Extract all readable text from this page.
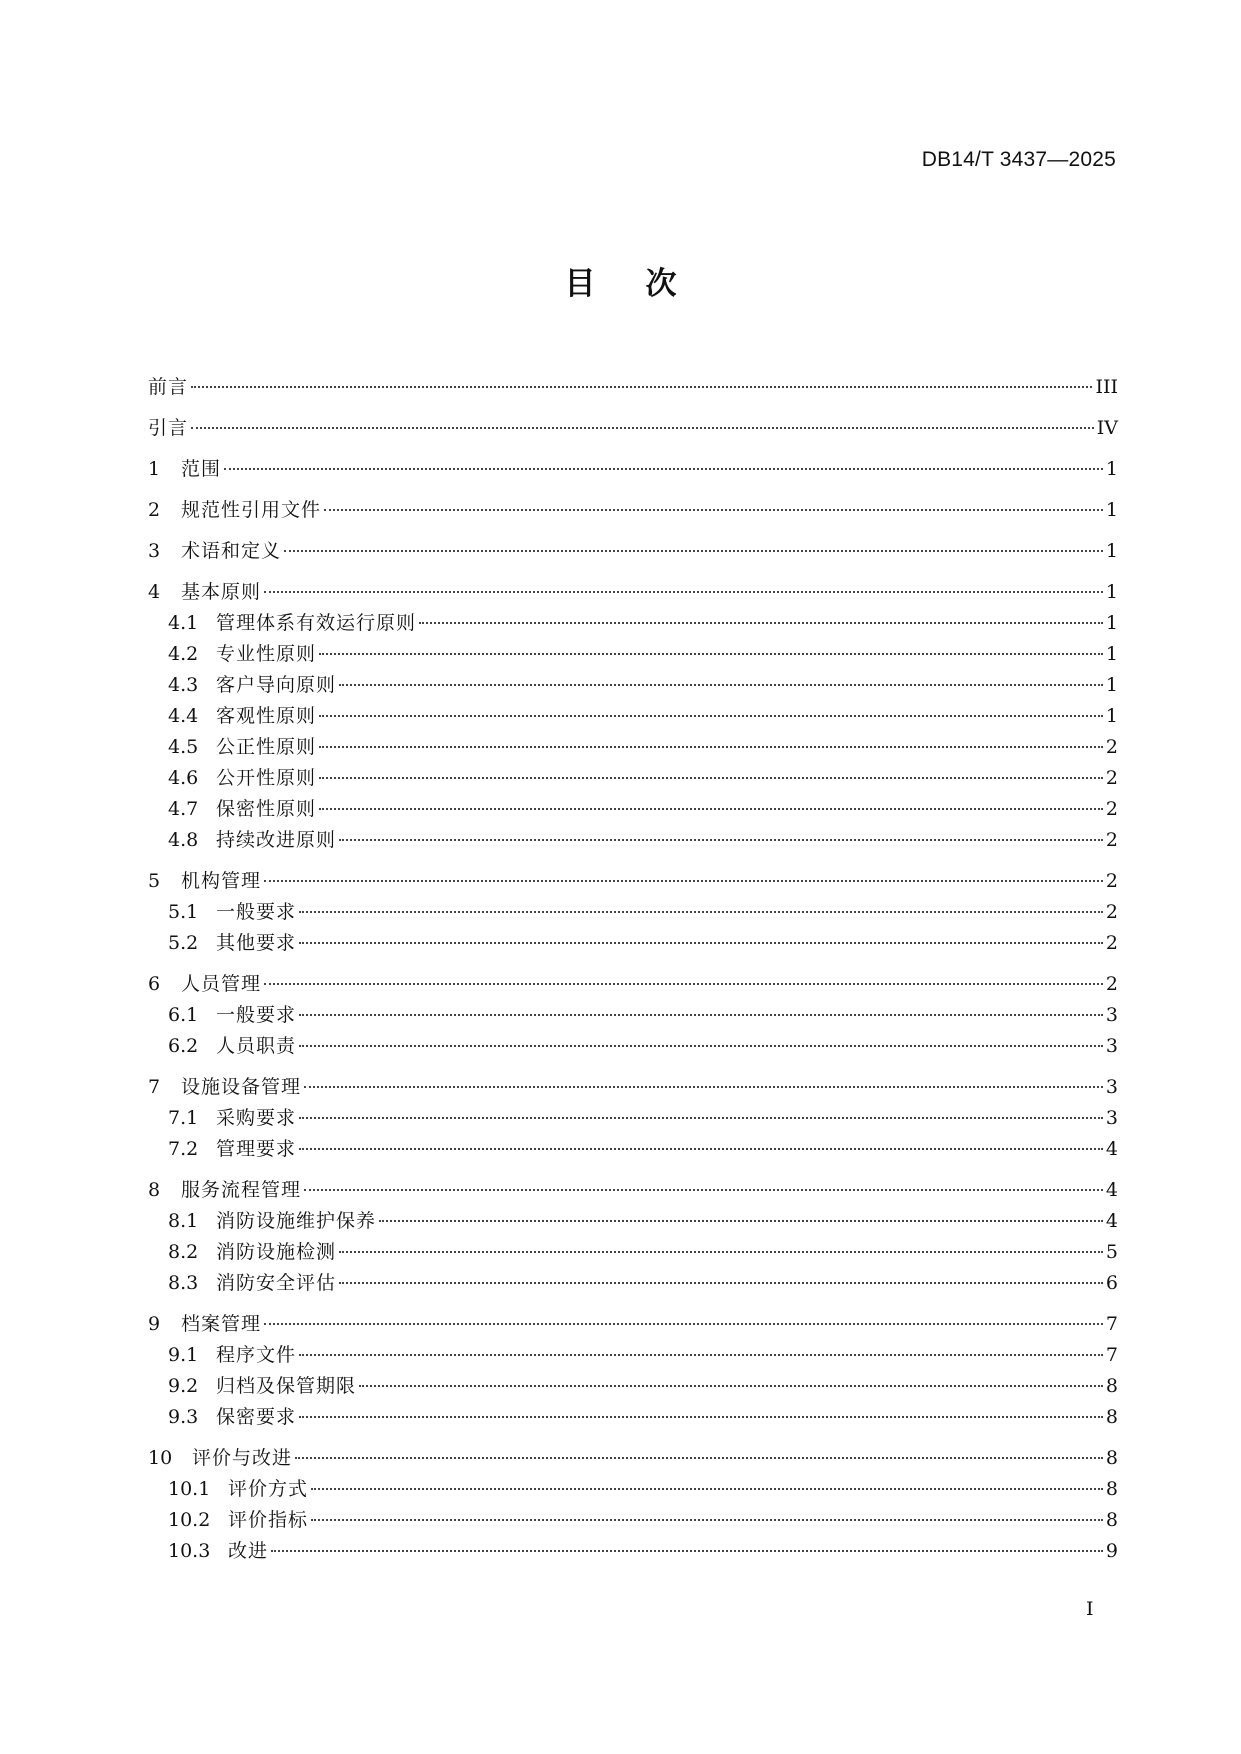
DB14/T 3437—2025
目次
前言	III
引言	IV
1	范围	1
2	规范性引用文件	1
3	术语和定义	1
4	基本原则	1
4.1 管理体系有效运行原则	1
4.2 专业性原则	1
4.3 客户导向原则	1
4.4 客观性原则	1
4.5 公正性原则	2
4.6 公开性原则	2
4.7 保密性原则	2
4.8 持续改进原则	2
5	机构管理	2
5.1 一般要求	2
5.2 其他要求	2
6	人员管理	2
6.1 一般要求	3
6.2 人员职责	3
7	设施设备管理	3
7.1 采购要求	3
7.2 管理要求	4
8	服务流程管理	4
8.1 消防设施维护保养	4
8.2 消防设施检测	5
8.3 消防安全评估	6
9	档案管理	7
9.1 程序文件	7
9.2 归档及保管期限	8
9.3 保密要求	8
10	评价与改进	8
10.1 评价方式	8
10.2 评价指标	8
10.3 改进	9
I
